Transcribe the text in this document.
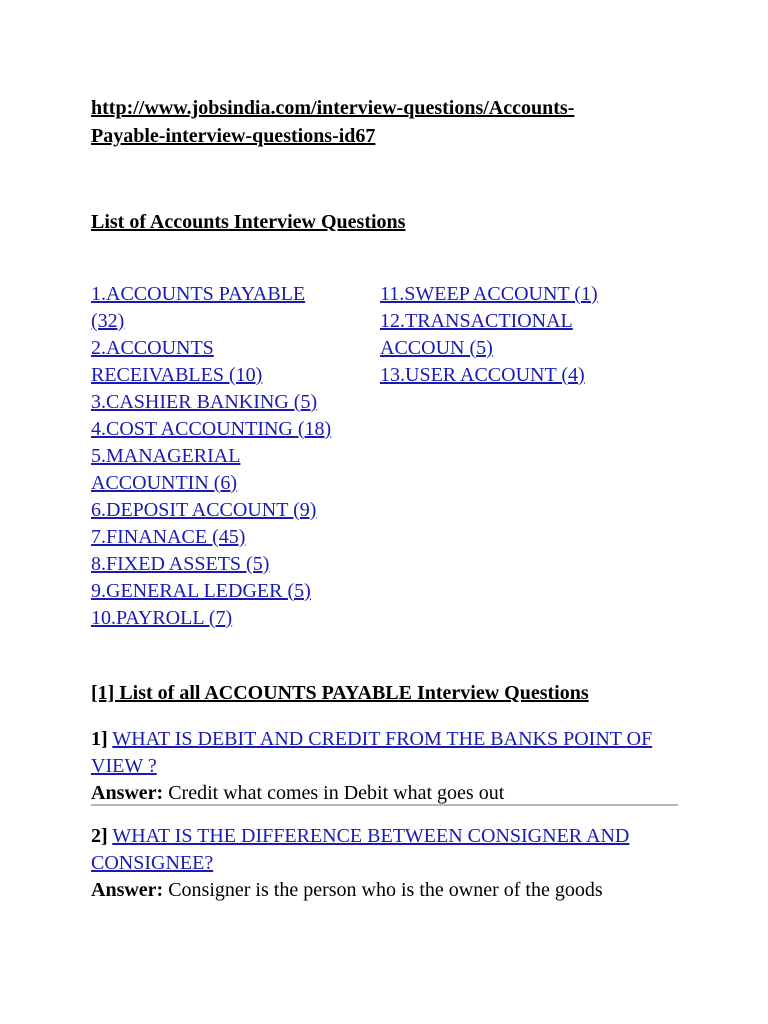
http://www.jobsindia.com/interview-questions/Accounts-
Payable-interview-questions-id67

List of Accounts Interview Questions

1.ACCOUNTS PAYABLE
(32)
2.ACCOUNTS
RECEIVABLES (10)
3.CASHIER BANKING (5)
4.COST ACCOUNTING (18)
5.MANAGERIAL
ACCOUNTIN (6)
6.DEPOSIT ACCOUNT (9)
7.FINANACE (45)
8.FIXED ASSETS (5)
9.GENERAL LEDGER (5)
10.PAYROLL (7)
11.SWEEP ACCOUNT (1)
12.TRANSACTIONAL
ACCOUN (5)
13.USER ACCOUNT (4)

[1] List of all ACCOUNTS PAYABLE Interview Questions

1] WHAT IS DEBIT AND CREDIT FROM THE BANKS POINT OF VIEW ?
Answer: Credit what comes in Debit what goes out
2] WHAT IS THE DIFFERENCE BETWEEN CONSIGNER AND CONSIGNEE?
Answer: Consigner is the person who is the owner of the goods
